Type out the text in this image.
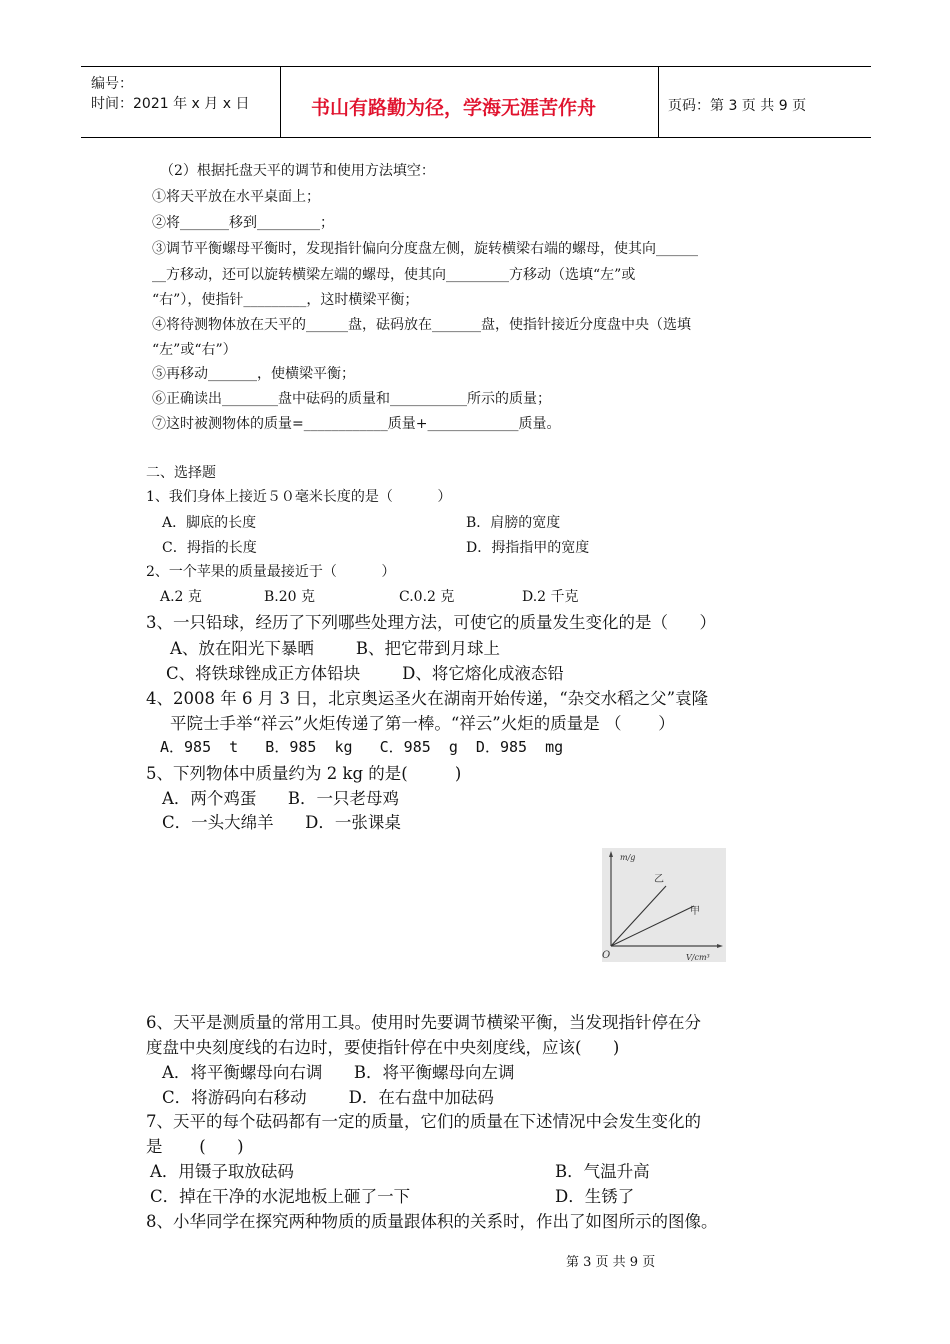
编号：
时间：2021 年 x 月 x 日	书山有路勤为径，学海无涯苦作舟	页码：第 3 页 共 9 页
（2）根据托盘天平的调节和使用方法填空：
①将天平放在水平桌面上；
②将_______移到_________；
③调节平衡螺母平衡时，发现指针偏向分度盘左侧，旋转横梁右端的螺母，使其向______
__方移动，还可以旋转横梁左端的螺母，使其向_________方移动（选填“左”或
“右”），使指针_________，这时横梁平衡；
④将待测物体放在天平的______盘，砝码放在_______盘，使指针接近分度盘中央（选填
“左”或“右”）
⑤再移动_______，使横梁平衡；
⑥正确读出________盘中砝码的质量和___________所示的质量；
⑦这时被测物体的质量=____________质量+_____________质量。
二、选择题
1、我们身体上接近５０毫米长度的是（          ）
A．脚底的长度	B．肩膀的宽度
C．拇指的长度	D．拇指指甲的宽度
2、一个苹果的质量最接近于（          ）
A.2 克	B.20 克	C.0.2 克	D.2 千克
3、一只铅球，经历了下列哪些处理方法，可使它的质量发生变化的是（      ）
A、放在阳光下暴晒        B、把它带到月球上
C、将铁球锉成正方体铅块        D、将它熔化成液态铅
4、2008 年 6 月 3 日，北京奥运圣火在湖南开始传递，“杂交水稻之父”袁隆
平院士手举“祥云”火炬传递了第一棒。“祥云”火炬的质量是 （       ）
A．985  t   B．985  kg   C．985  g  D．985  mg
5、下列物体中质量约为 2 kg 的是(         )
A．两个鸡蛋      B．一只老母鸡
C．一头大绵羊      D．一张课桌
m/g
V/cm³
O
乙
甲
6、天平是测质量的常用工具。使用时先要调节横梁平衡，当发现指针停在分
度盘中央刻度线的右边时，要使指针停在中央刻度线，应该(      )
A．将平衡螺母向右调      B．将平衡螺母向左调
C．将游码向右移动        D．在右盘中加砝码
7、天平的每个砝码都有一定的质量，它们的质量在下述情况中会发生变化的
是       (      )
A．用镊子取放砝码	B．气温升高
C．掉在干净的水泥地板上砸了一下	D．生锈了
8、小华同学在探究两种物质的质量跟体积的关系时，作出了如图所示的图像。
第 3 页 共 9 页
